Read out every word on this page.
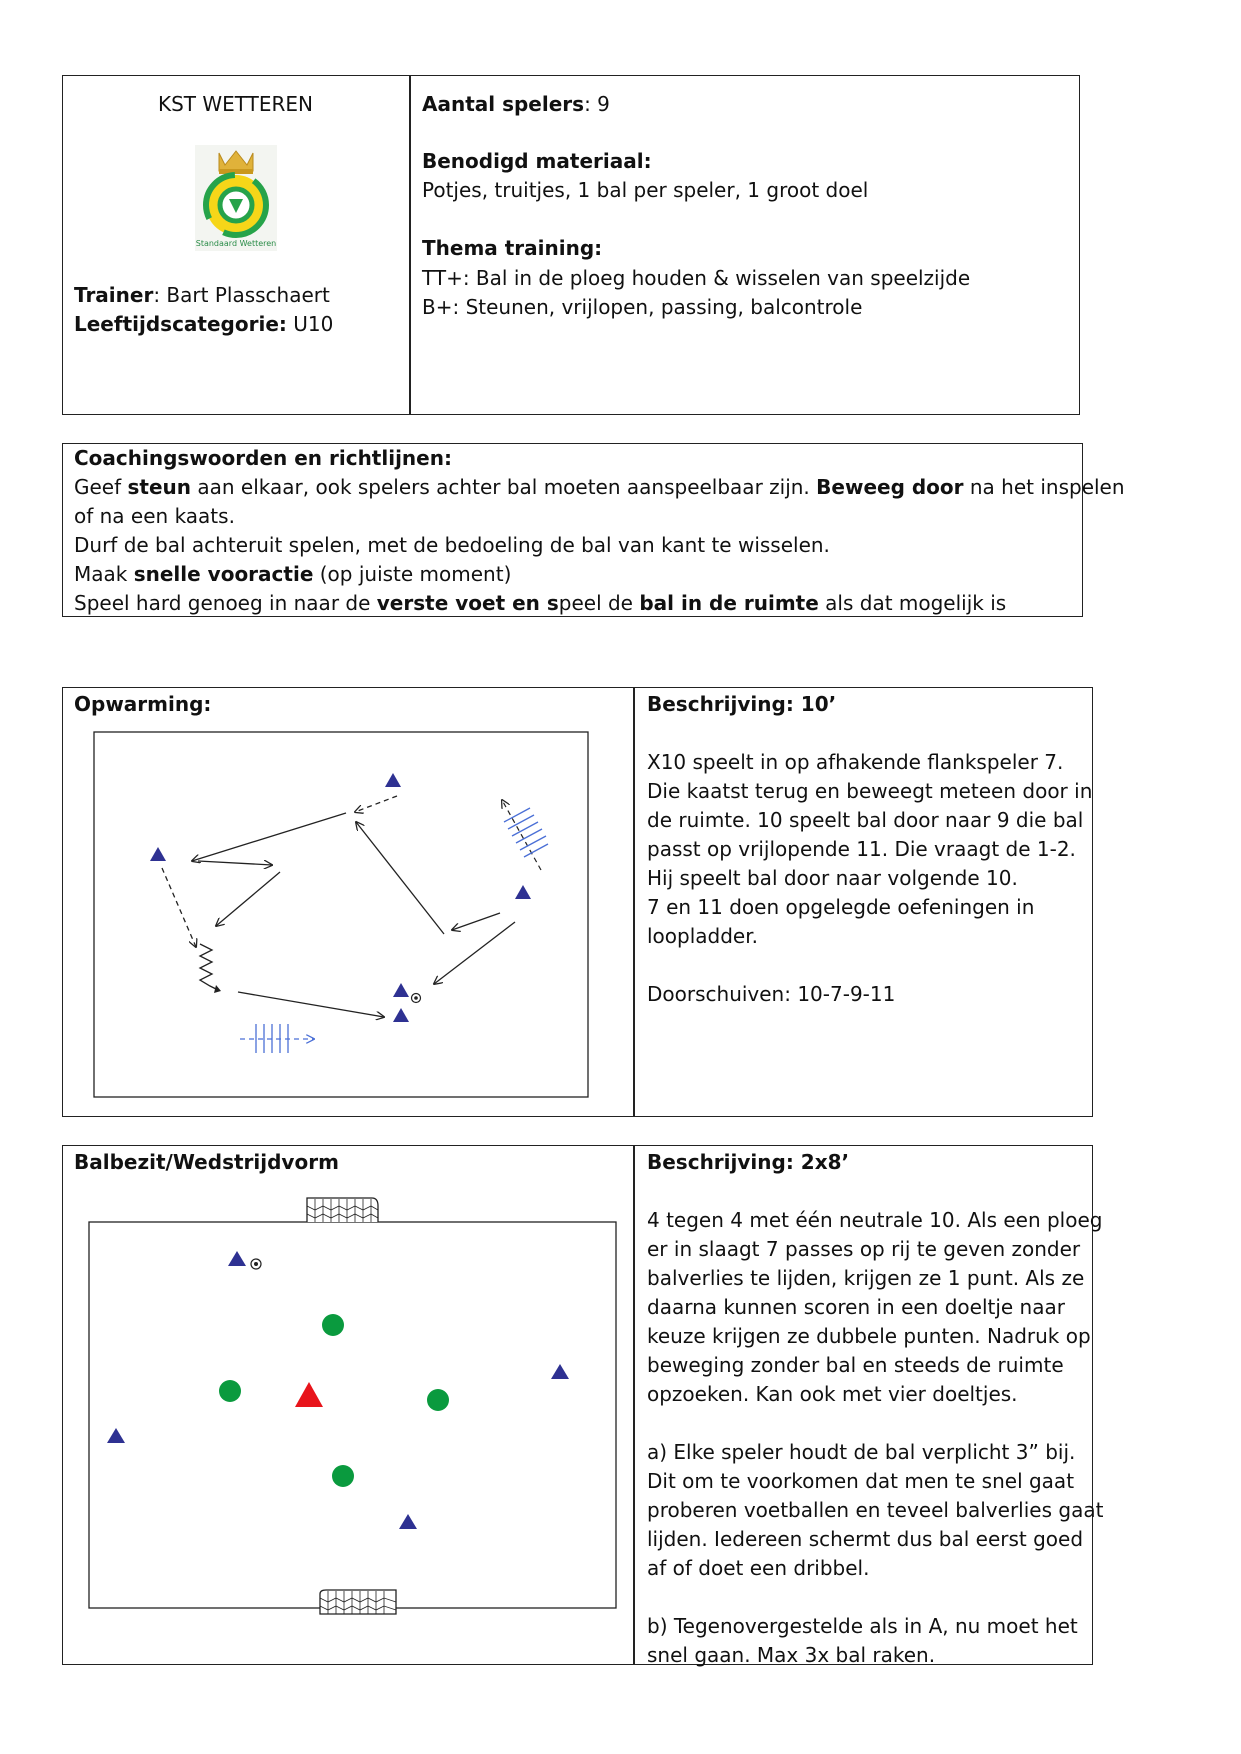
KST WETTEREN
Standaard Wetteren
Trainer: Bart Plasschaert
Leeftijdscategorie: U10
Aantal spelers: 9
Benodigd materiaal:
Potjes, truitjes, 1 bal per speler, 1 groot doel
Thema training:
TT+: Bal in de ploeg houden & wisselen van speelzijde
B+: Steunen, vrijlopen, passing, balcontrole
Coachingswoorden en richtlijnen:
Geef steun aan elkaar, ook spelers achter bal moeten aanspeelbaar zijn. Beweeg door na het inspelen
of na een kaats.
Durf de bal achteruit spelen, met de bedoeling de bal van kant te wisselen.
Maak snelle vooractie (op juiste moment)
Speel hard genoeg in naar de verste voet en speel de bal in de ruimte als dat mogelijk is
Opwarming:	Beschrijving: 10’
X10 speelt in op afhakende flankspeler 7.
Die kaatst terug en beweegt meteen door in
de ruimte. 10 speelt bal door naar 9 die bal
passt op vrijlopende 11. Die vraagt de 1-2.
Hij speelt bal door naar volgende 10.
7 en 11 doen opgelegde oefeningen in
loopladder.
Doorschuiven: 10-7-9-11
Balbezit/Wedstrijdvorm	Beschrijving: 2x8’
4 tegen 4 met één neutrale 10. Als een ploeg
er in slaagt 7 passes op rij te geven zonder
balverlies te lijden, krijgen ze 1 punt. Als ze
daarna kunnen scoren in een doeltje naar
keuze krijgen ze dubbele punten. Nadruk op
beweging zonder bal en steeds de ruimte
opzoeken. Kan ook met vier doeltjes.
a) Elke speler houdt de bal verplicht 3” bij.
Dit om te voorkomen dat men te snel gaat
proberen voetballen en teveel balverlies gaat
lijden. Iedereen schermt dus bal eerst goed
af of doet een dribbel.
b) Tegenovergestelde als in A, nu moet het
snel gaan. Max 3x bal raken.
